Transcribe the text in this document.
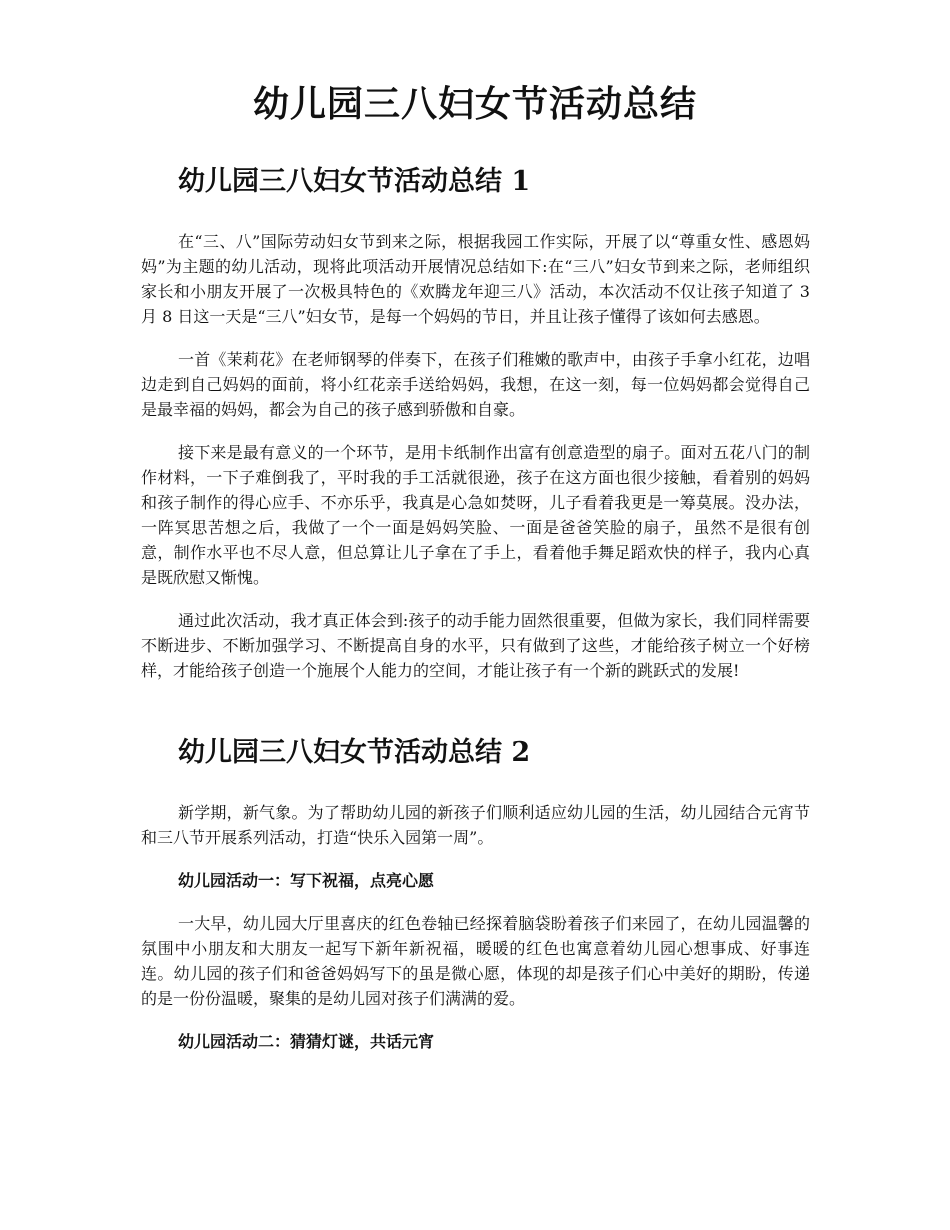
幼儿园三八妇女节活动总结
幼儿园三八妇女节活动总结 1

在“三、八”国际劳动妇女节到来之际，根据我园工作实际，开展了以“尊重女性、感恩妈妈”为主题的幼儿活动，现将此项活动开展情况总结如下:在“三八”妇女节到来之际，老师组织家长和小朋友开展了一次极具特色的《欢腾龙年迎三八》活动，本次活动不仅让孩子知道了 3 月 8 日这一天是“三八”妇女节，是每一个妈妈的节日，并且让孩子懂得了该如何去感恩。

一首《茉莉花》在老师钢琴的伴奏下，在孩子们稚嫩的歌声中，由孩子手拿小红花，边唱边走到自己妈妈的面前，将小红花亲手送给妈妈，我想，在这一刻，每一位妈妈都会觉得自己是最幸福的妈妈，都会为自己的孩子感到骄傲和自豪。

接下来是最有意义的一个环节，是用卡纸制作出富有创意造型的扇子。面对五花八门的制作材料，一下子难倒我了，平时我的手工活就很逊，孩子在这方面也很少接触，看着别的妈妈和孩子制作的得心应手、不亦乐乎，我真是心急如焚呀，儿子看着我更是一筹莫展。没办法，一阵冥思苦想之后，我做了一个一面是妈妈笑脸、一面是爸爸笑脸的扇子，虽然不是很有创意，制作水平也不尽人意，但总算让儿子拿在了手上，看着他手舞足蹈欢快的样子，我内心真是既欣慰又惭愧。

通过此次活动，我才真正体会到:孩子的动手能力固然很重要，但做为家长，我们同样需要不断进步、不断加强学习、不断提高自身的水平，只有做到了这些，才能给孩子树立一个好榜样，才能给孩子创造一个施展个人能力的空间，才能让孩子有一个新的跳跃式的发展!

幼儿园三八妇女节活动总结 2

新学期，新气象。为了帮助幼儿园的新孩子们顺利适应幼儿园的生活，幼儿园结合元宵节和三八节开展系列活动，打造“快乐入园第一周”。

幼儿园活动一：写下祝福，点亮心愿

一大早，幼儿园大厅里喜庆的红色卷轴已经探着脑袋盼着孩子们来园了，在幼儿园温馨的氛围中小朋友和大朋友一起写下新年新祝福，暖暖的红色也寓意着幼儿园心想事成、好事连连。幼儿园的孩子们和爸爸妈妈写下的虽是微心愿，体现的却是孩子们心中美好的期盼，传递的是一份份温暖，聚集的是幼儿园对孩子们满满的爱。

幼儿园活动二：猜猜灯谜，共话元宵
